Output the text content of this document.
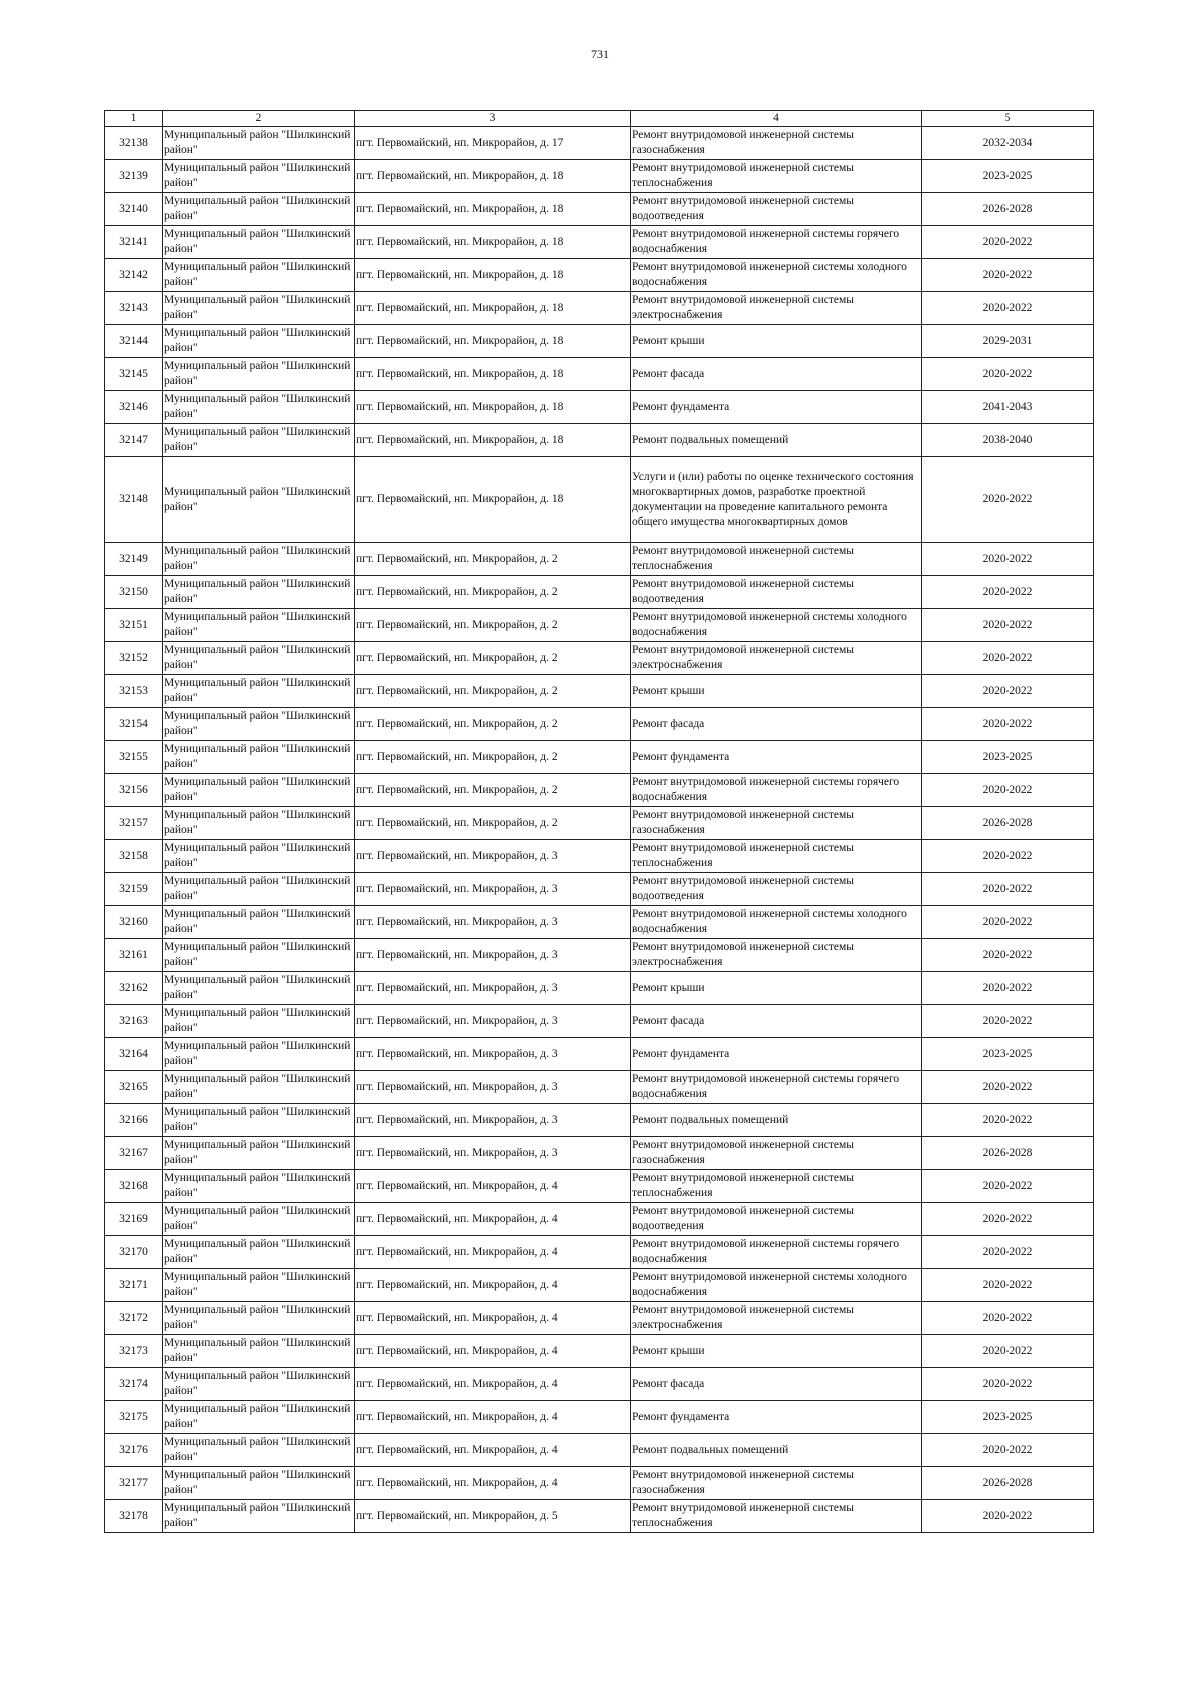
731
1	2	3	4	5
32138	Муниципальный район "Шилкинский район"	пгт. Первомайский, нп. Микрорайон, д. 17	Ремонт внутридомовой инженерной системы газоснабжения	2032-2034
32139	Муниципальный район "Шилкинский район"	пгт. Первомайский, нп. Микрорайон, д. 18	Ремонт внутридомовой инженерной системы теплоснабжения	2023-2025
32140	Муниципальный район "Шилкинский район"	пгт. Первомайский, нп. Микрорайон, д. 18	Ремонт внутридомовой инженерной системы водоотведения	2026-2028
32141	Муниципальный район "Шилкинский район"	пгт. Первомайский, нп. Микрорайон, д. 18	Ремонт внутридомовой инженерной системы горячего водоснабжения	2020-2022
32142	Муниципальный район "Шилкинский район"	пгт. Первомайский, нп. Микрорайон, д. 18	Ремонт внутридомовой инженерной системы холодного водоснабжения	2020-2022
32143	Муниципальный район "Шилкинский район"	пгт. Первомайский, нп. Микрорайон, д. 18	Ремонт внутридомовой инженерной системы электроснабжения	2020-2022
32144	Муниципальный район "Шилкинский район"	пгт. Первомайский, нп. Микрорайон, д. 18	Ремонт крыши	2029-2031
32145	Муниципальный район "Шилкинский район"	пгт. Первомайский, нп. Микрорайон, д. 18	Ремонт фасада	2020-2022
32146	Муниципальный район "Шилкинский район"	пгт. Первомайский, нп. Микрорайон, д. 18	Ремонт фундамента	2041-2043
32147	Муниципальный район "Шилкинский район"	пгт. Первомайский, нп. Микрорайон, д. 18	Ремонт подвальных помещений	2038-2040
32148	Муниципальный район "Шилкинский район"	пгт. Первомайский, нп. Микрорайон, д. 18	Услуги и (или) работы по оценке технического состояния многоквартирных домов, разработке проектной документации на проведение капитального ремонта общего имущества многоквартирных домов	2020-2022
32149	Муниципальный район "Шилкинский район"	пгт. Первомайский, нп. Микрорайон, д. 2	Ремонт внутридомовой инженерной системы теплоснабжения	2020-2022
32150	Муниципальный район "Шилкинский район"	пгт. Первомайский, нп. Микрорайон, д. 2	Ремонт внутридомовой инженерной системы водоотведения	2020-2022
32151	Муниципальный район "Шилкинский район"	пгт. Первомайский, нп. Микрорайон, д. 2	Ремонт внутридомовой инженерной системы холодного водоснабжения	2020-2022
32152	Муниципальный район "Шилкинский район"	пгт. Первомайский, нп. Микрорайон, д. 2	Ремонт внутридомовой инженерной системы электроснабжения	2020-2022
32153	Муниципальный район "Шилкинский район"	пгт. Первомайский, нп. Микрорайон, д. 2	Ремонт крыши	2020-2022
32154	Муниципальный район "Шилкинский район"	пгт. Первомайский, нп. Микрорайон, д. 2	Ремонт фасада	2020-2022
32155	Муниципальный район "Шилкинский район"	пгт. Первомайский, нп. Микрорайон, д. 2	Ремонт фундамента	2023-2025
32156	Муниципальный район "Шилкинский район"	пгт. Первомайский, нп. Микрорайон, д. 2	Ремонт внутридомовой инженерной системы горячего водоснабжения	2020-2022
32157	Муниципальный район "Шилкинский район"	пгт. Первомайский, нп. Микрорайон, д. 2	Ремонт внутридомовой инженерной системы газоснабжения	2026-2028
32158	Муниципальный район "Шилкинский район"	пгт. Первомайский, нп. Микрорайон, д. 3	Ремонт внутридомовой инженерной системы теплоснабжения	2020-2022
32159	Муниципальный район "Шилкинский район"	пгт. Первомайский, нп. Микрорайон, д. 3	Ремонт внутридомовой инженерной системы водоотведения	2020-2022
32160	Муниципальный район "Шилкинский район"	пгт. Первомайский, нп. Микрорайон, д. 3	Ремонт внутридомовой инженерной системы холодного водоснабжения	2020-2022
32161	Муниципальный район "Шилкинский район"	пгт. Первомайский, нп. Микрорайон, д. 3	Ремонт внутридомовой инженерной системы электроснабжения	2020-2022
32162	Муниципальный район "Шилкинский район"	пгт. Первомайский, нп. Микрорайон, д. 3	Ремонт крыши	2020-2022
32163	Муниципальный район "Шилкинский район"	пгт. Первомайский, нп. Микрорайон, д. 3	Ремонт фасада	2020-2022
32164	Муниципальный район "Шилкинский район"	пгт. Первомайский, нп. Микрорайон, д. 3	Ремонт фундамента	2023-2025
32165	Муниципальный район "Шилкинский район"	пгт. Первомайский, нп. Микрорайон, д. 3	Ремонт внутридомовой инженерной системы горячего водоснабжения	2020-2022
32166	Муниципальный район "Шилкинский район"	пгт. Первомайский, нп. Микрорайон, д. 3	Ремонт подвальных помещений	2020-2022
32167	Муниципальный район "Шилкинский район"	пгт. Первомайский, нп. Микрорайон, д. 3	Ремонт внутридомовой инженерной системы газоснабжения	2026-2028
32168	Муниципальный район "Шилкинский район"	пгт. Первомайский, нп. Микрорайон, д. 4	Ремонт внутридомовой инженерной системы теплоснабжения	2020-2022
32169	Муниципальный район "Шилкинский район"	пгт. Первомайский, нп. Микрорайон, д. 4	Ремонт внутридомовой инженерной системы водоотведения	2020-2022
32170	Муниципальный район "Шилкинский район"	пгт. Первомайский, нп. Микрорайон, д. 4	Ремонт внутридомовой инженерной системы горячего водоснабжения	2020-2022
32171	Муниципальный район "Шилкинский район"	пгт. Первомайский, нп. Микрорайон, д. 4	Ремонт внутридомовой инженерной системы холодного водоснабжения	2020-2022
32172	Муниципальный район "Шилкинский район"	пгт. Первомайский, нп. Микрорайон, д. 4	Ремонт внутридомовой инженерной системы электроснабжения	2020-2022
32173	Муниципальный район "Шилкинский район"	пгт. Первомайский, нп. Микрорайон, д. 4	Ремонт крыши	2020-2022
32174	Муниципальный район "Шилкинский район"	пгт. Первомайский, нп. Микрорайон, д. 4	Ремонт фасада	2020-2022
32175	Муниципальный район "Шилкинский район"	пгт. Первомайский, нп. Микрорайон, д. 4	Ремонт фундамента	2023-2025
32176	Муниципальный район "Шилкинский район"	пгт. Первомайский, нп. Микрорайон, д. 4	Ремонт подвальных помещений	2020-2022
32177	Муниципальный район "Шилкинский район"	пгт. Первомайский, нп. Микрорайон, д. 4	Ремонт внутридомовой инженерной системы газоснабжения	2026-2028
32178	Муниципальный район "Шилкинский район"	пгт. Первомайский, нп. Микрорайон, д. 5	Ремонт внутридомовой инженерной системы теплоснабжения	2020-2022
